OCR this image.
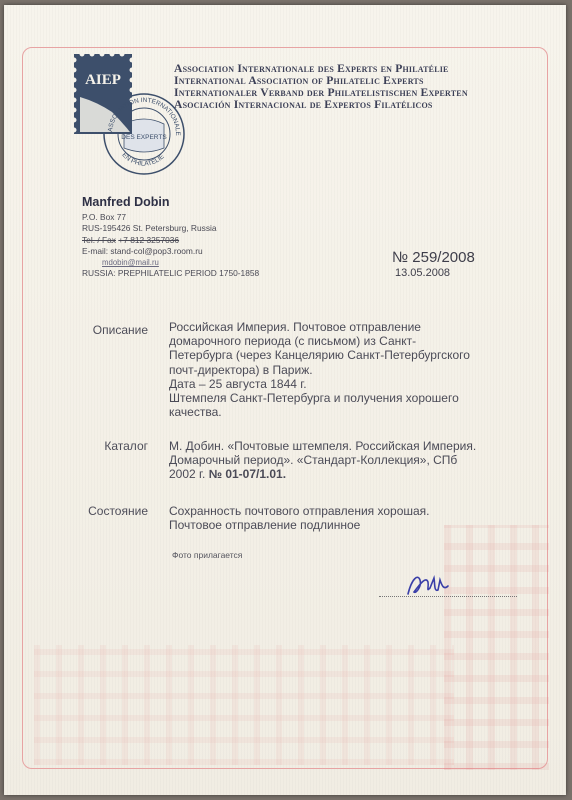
AIEP
ASSOCIATION INTERNATIONALE
DES EXPERTS
EN PHILATELIE
Association Internationale des Experts en Philatélie
International Association of Philatelic Experts
Internationaler Verband der Philatelistischen Experten
Asociación Internacional de Expertos Filatélicos
Manfred Dobin
P.O. Box 77
RUS-195426 St. Petersburg, Russia
Tel. / Fax +7 812 3257036
E-mail: stand-col@pop3.room.ru
mdobin@mail.ru
RUSSIA: PREPHILATELIC PERIOD 1750-1858
№ 259/2008
13.05.2008
Описание Российская Империя. Почтовое отправление
домарочного периода (с письмом) из Санкт-
Петербурга (через Канцелярию Санкт-Петербургского
почт-директора) в Париж.
Дата – 25 августа 1844 г.
Штемпеля Санкт-Петербурга и получения хорошего
качества.
Каталог М. Добин. «Почтовые штемпеля. Российская Империя.
Домарочный период». «Стандарт-Коллекция», СПб
2002 г. № 01-07/1.01.
Состояние Сохранность почтового отправления хорошая.
Почтовое отправление подлинное
Фото прилагается
